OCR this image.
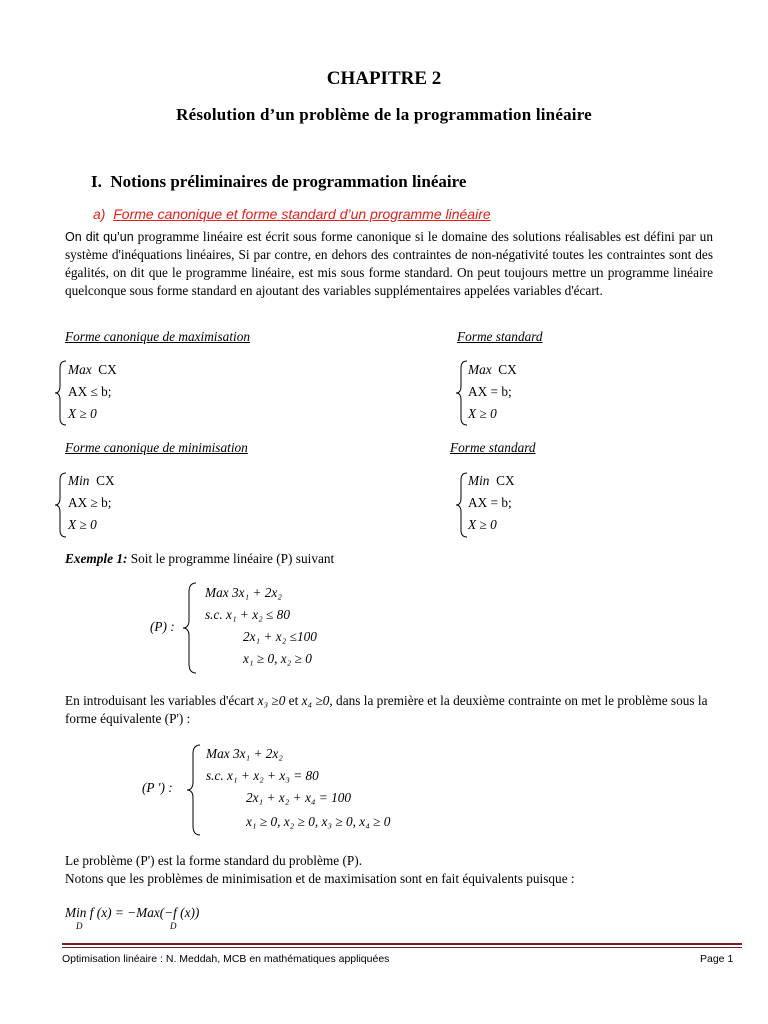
CHAPITRE 2
Résolution d’un problème de la programmation linéaire
I. Notions préliminaires de programmation linéaire
a) Forme canonique et forme standard d’un programme linéaire
On dit qu’un programme linéaire est écrit sous forme canonique si le domaine des solutions réalisables est défini par un système d'inéquations linéaires, Si par contre, en dehors des contraintes de non-négativité toutes les contraintes sont des égalités, on dit que le programme linéaire, est mis sous forme standard. On peut toujours mettre un programme linéaire quelconque sous forme standard en ajoutant des variables supplémentaires appelées variables d'écart.
Forme canonique de maximisation	Forme standard
Forme canonique de minimisation	Forme standard
Max CX
AX ≤ b;
X ≥ 0
Max CX
AX = b;
X ≥ 0
Min CX
AX ≥ b;
X ≥ 0
Min CX
AX = b;
X ≥ 0
Exemple 1: Soit le programme linéaire (P) suivant
(P) :
Max 3x₁ + 2x₂
s.c. x₁ + x₂ ≤ 80
2x₁ + x₂ ≤100
x₁ ≥ 0, x₂ ≥ 0
En introduisant les variables d'écart x₃ ≥0 et x₄ ≥0, dans la première et la deuxième contrainte on met le problème sous la forme équivalente (P') :
(P ') :
Max 3x₁ + 2x₂
s.c. x₁ + x₂ + x₃ = 80
2x₁ + x₂ + x₄ = 100
x₁ ≥ 0, x₂ ≥ 0, x₃ ≥ 0, x₄ ≥ 0
Le problème (P') est la forme standard du problème (P).
Notons que les problèmes de minimisation et de maximisation sont en fait équivalents puisque :
Min f (x) = −Max(−f (x))
D	D
Optimisation linéaire : N. Meddah, MCB en mathématiques appliquées	Page 1
